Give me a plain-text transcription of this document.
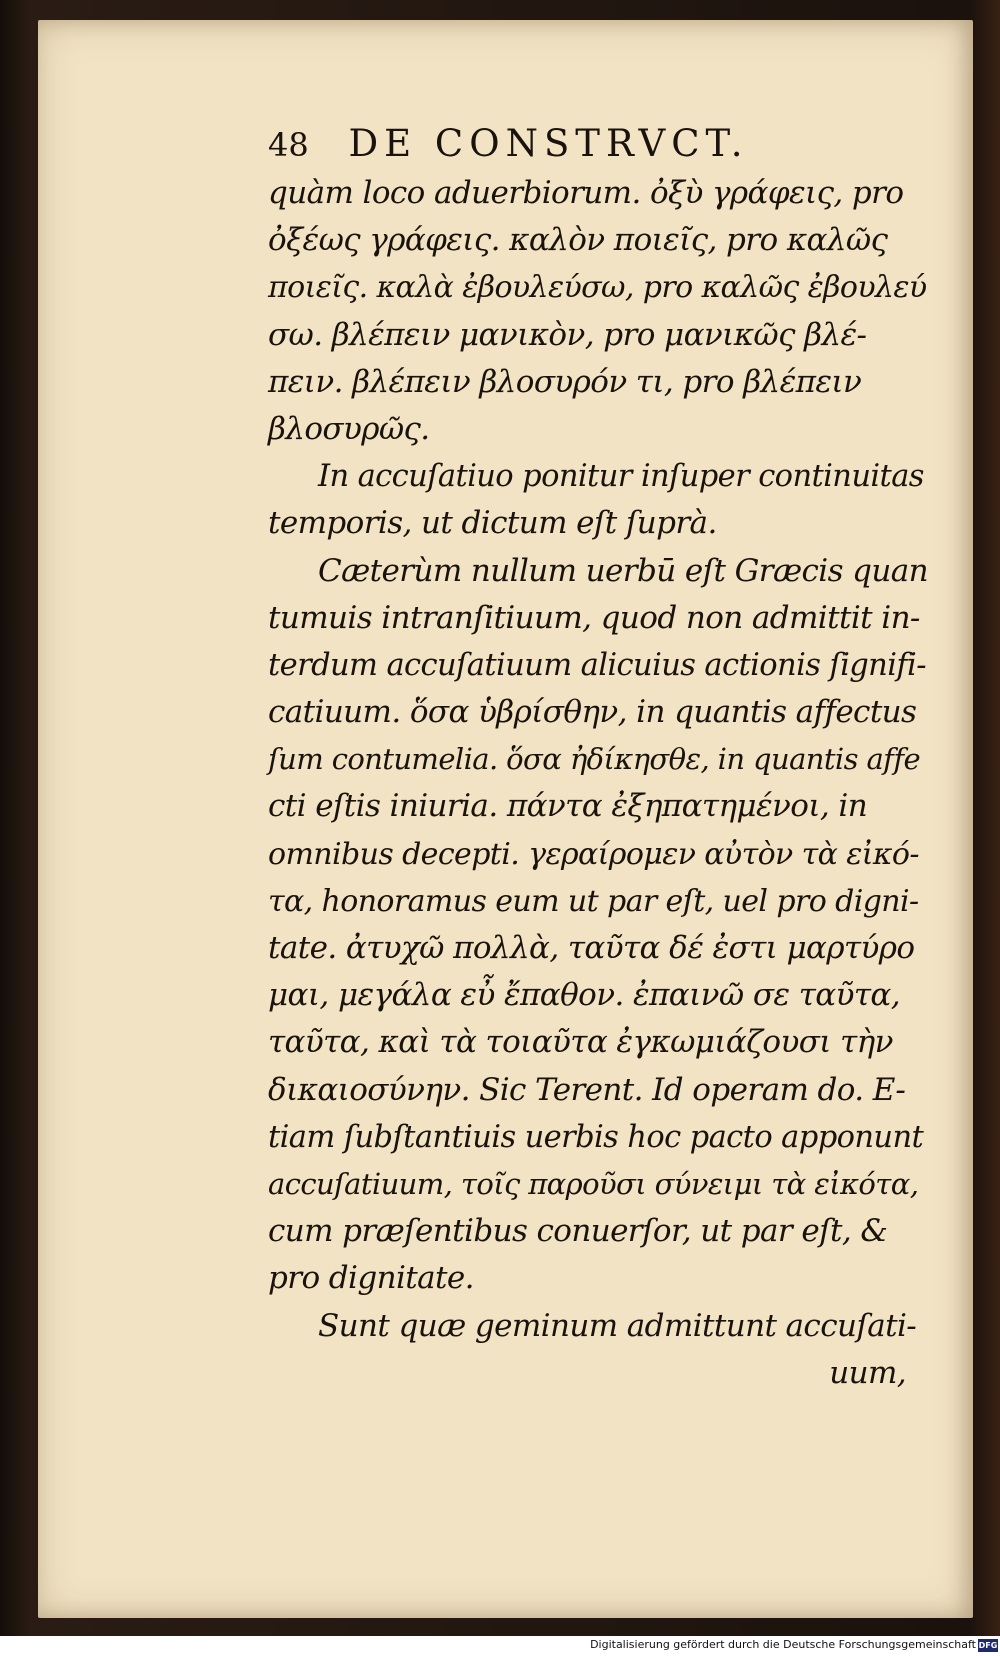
48 DE CONSTRVCT.
quàm loco aduerbiorum. ὀξὺ γράφεις, pro
ὀξέως γράφεις. καλὸν ποιεῖς, pro καλῶς
ποιεῖς. καλὰ ἐβουλεύσω, pro καλῶς ἐβουλεύ
σω. βλέπειν μανικὸν, pro μανικῶς βλέ-
πειν. βλέπειν βλοσυρόν τι, pro βλέπειν
βλοσυρῶς.
In accuſatiuo ponitur inſuper continuitas
temporis, ut dictum eſt ſuprà.
Cæterùm nullum uerbū eſt Græcis quan
tumuis intranſitiuum, quod non admittit in-
terdum accuſatiuum alicuius actionis ſignifi-
catiuum. ὅσα ὑβρίσθην, in quantis affectus
ſum contumelia. ὅσα ἠδίκησθε, in quantis affe
cti eſtis iniuria. πάντα ἐξηπατημένοι, in
omnibus decepti. γεραίρομεν αὐτὸν τὰ εἰκό-
τα, honoramus eum ut par eſt, uel pro digni-
tate. ἀτυχῶ πολλὰ, ταῦτα δέ ἐστι μαρτύρο
μαι, μεγάλα εὖ ἔπαθον. ἐπαινῶ σε ταῦτα,
ταῦτα, καὶ τὰ τοιαῦτα ἐγκωμιάζουσι τὴν
δικαιοσύνην. Sic Terent. Id operam do. E-
tiam ſubſtantiuis uerbis hoc pacto apponunt
accuſatiuum, τοῖς παροῦσι σύνειμι τὰ εἰκότα,
cum præſentibus conuerſor, ut par eſt, &
pro dignitate.
Sunt quæ geminum admittunt accuſati-
uum,
Digitalisierung gefördert durch die Deutsche Forschungsgemeinschaft DFG
